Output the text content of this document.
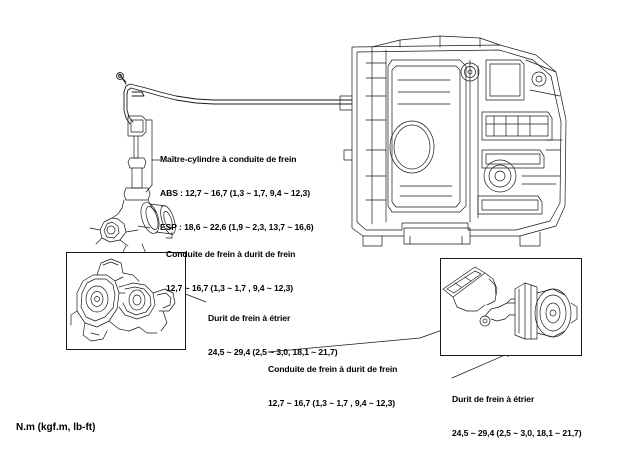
Maître-cylindre à conduite de frein

ABS : 12,7 ~ 16,7 (1,3 ~ 1,7, 9,4 ~ 12,3)

ESP : 18,6 ~ 22,6 (1,9 ~ 2,3, 13,7 ~ 16,6)

Conduite de frein à durit de frein

12,7 ~ 16,7 (1,3 ~ 1,7 , 9,4 ~ 12,3)

Durit de frein à étrier

24,5 ~ 29,4 (2,5 ~ 3,0, 18,1 ~ 21,7)

Conduite de frein à durit de frein

12,7 ~ 16,7 (1,3 ~ 1,7 , 9,4 ~ 12,3)

	Durit de frein à étrier

24,5 ~ 29,4 (2,5 ~ 3,0, 18,1 ~ 21,7)

N.m (kgf.m, lb-ft)
